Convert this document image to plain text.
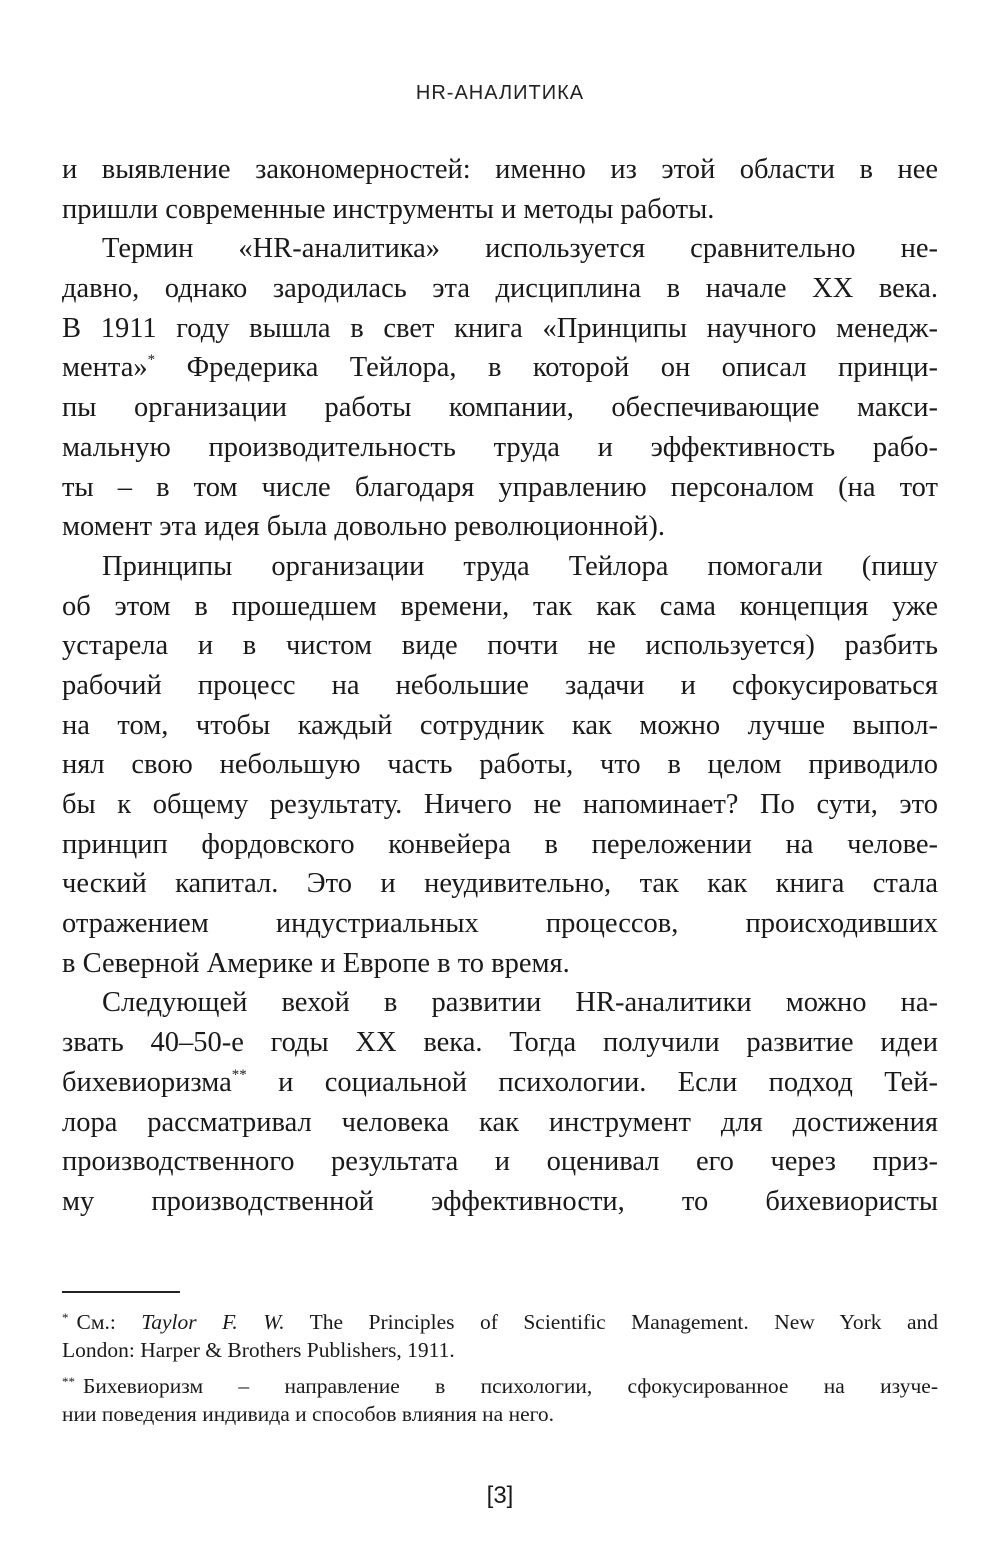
HR-АНАЛИТИКА
и выявление закономерностей: именно из этой области в нее
пришли современные инструменты и методы работы.
Термин «HR-аналитика» используется сравнительно не-
давно, однако зародилась эта дисциплина в начале XX века.
В 1911 году вышла в свет книга «Принципы научного менедж-
мента»* Фредерика Тейлора, в которой он описал принци-
пы организации работы компании, обеспечивающие макси-
мальную производительность труда и эффективность рабо-
ты – в том числе благодаря управлению персоналом (на тот
момент эта идея была довольно революционной).
Принципы организации труда Тейлора помогали (пишу
об этом в прошедшем времени, так как сама концепция уже
устарела и в чистом виде почти не используется) разбить
рабочий процесс на небольшие задачи и сфокусироваться
на том, чтобы каждый сотрудник как можно лучше выпол-
нял свою небольшую часть работы, что в целом приводило
бы к общему результату. Ничего не напоминает? По сути, это
принцип фордовского конвейера в переложении на челове-
ческий капитал. Это и неудивительно, так как книга стала
отражением индустриальных процессов, происходивших
в Северной Америке и Европе в то время.
Следующей вехой в развитии HR-аналитики можно на-
звать 40–50-е годы XX века. Тогда получили развитие идеи
бихевиоризма** и социальной психологии. Если подход Тей-
лора рассматривал человека как инструмент для достижения
производственного результата и оценивал его через приз-
му производственной эффективности, то бихевиористы
* См.: Taylor F. W. The Principles of Scientific Management. New York and
London: Harper & Brothers Publishers, 1911.
** Бихевиоризм – направление в психологии, сфокусированное на изуче-
нии поведения индивида и способов влияния на него.
[3]
